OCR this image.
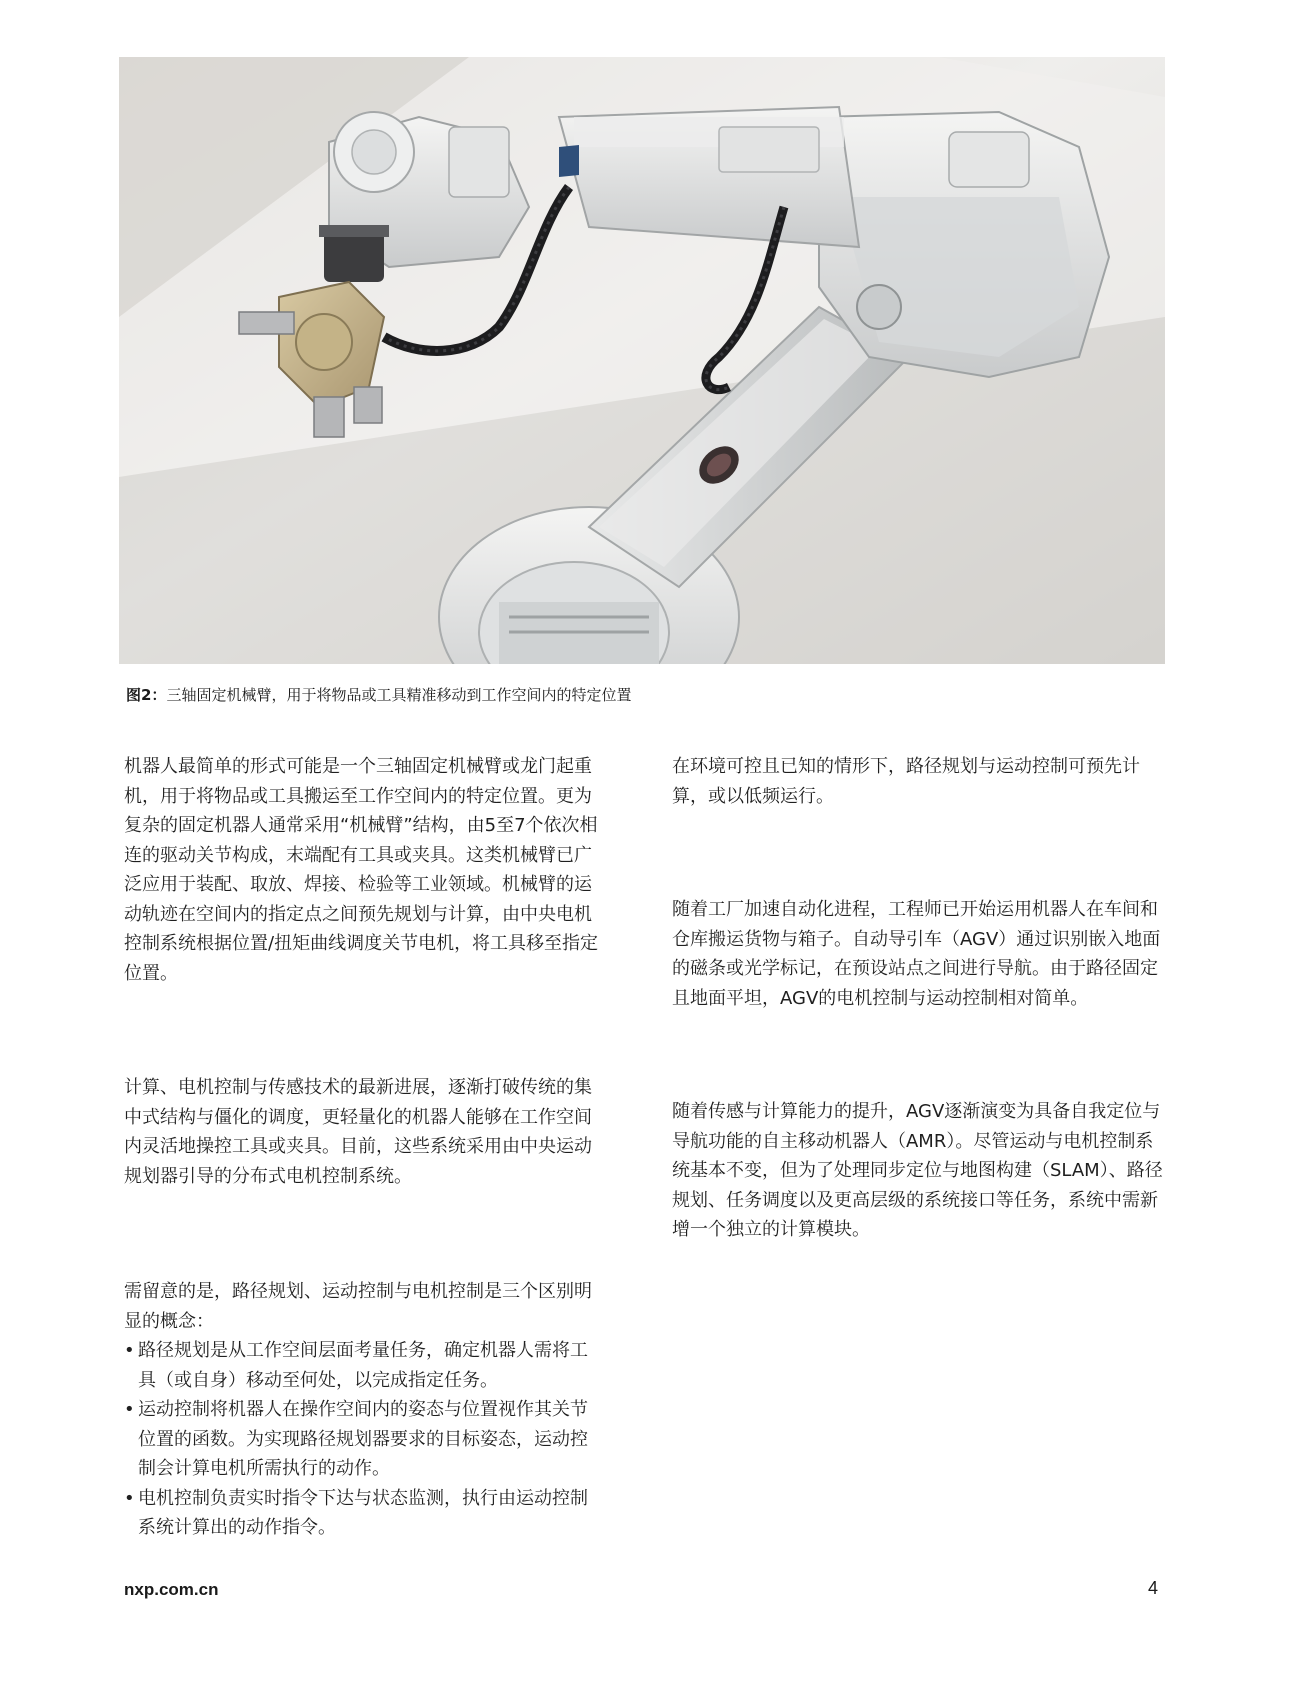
图2：三轴固定机械臂，用于将物品或工具精准移动到工作空间内的特定位置

机器人最简单的形式可能是一个三轴固定机械臂或龙门起重机，用于将物品或工具搬运至工作空间内的特定位置。更为复杂的固定机器人通常采用“机械臂”结构，由5至7个依次相连的驱动关节构成，末端配有工具或夹具。这类机械臂已广泛应用于装配、取放、焊接、检验等工业领域。机械臂的运动轨迹在空间内的指定点之间预先规划与计算，由中央电机控制系统根据位置/扭矩曲线调度关节电机，将工具移至指定位置。

计算、电机控制与传感技术的最新进展，逐渐打破传统的集中式结构与僵化的调度，更轻量化的机器人能够在工作空间内灵活地操控工具或夹具。目前，这些系统采用由中央运动规划器引导的分布式电机控制系统。

需留意的是，路径规划、运动控制与电机控制是三个区别明显的概念：

• 路径规划是从工作空间层面考量任务，确定机器人需将工具（或自身）移动至何处，以完成指定任务。
• 运动控制将机器人在操作空间内的姿态与位置视作其关节位置的函数。为实现路径规划器要求的目标姿态，运动控制会计算电机所需执行的动作。
• 电机控制负责实时指令下达与状态监测，执行由运动控制系统计算出的动作指令。

在环境可控且已知的情形下，路径规划与运动控制可预先计算，或以低频运行。

随着工厂加速自动化进程，工程师已开始运用机器人在车间和仓库搬运货物与箱子。自动导引车（AGV）通过识别嵌入地面的磁条或光学标记，在预设站点之间进行导航。由于路径固定且地面平坦，AGV的电机控制与运动控制相对简单。

随着传感与计算能力的提升，AGV逐渐演变为具备自我定位与导航功能的自主移动机器人（AMR）。尽管运动与电机控制系统基本不变，但为了处理同步定位与地图构建（SLAM）、路径规划、任务调度以及更高层级的系统接口等任务，系统中需新增一个独立的计算模块。

nxp.com.cn	4
